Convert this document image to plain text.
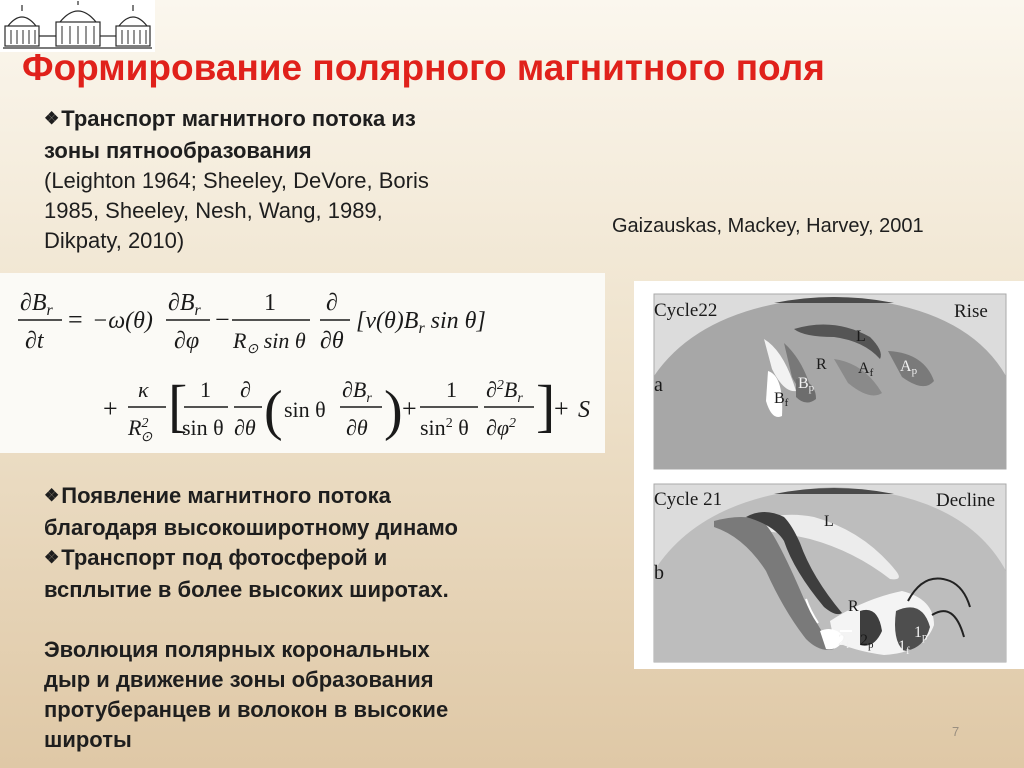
Формирование полярного магнитного поля
❖Транспорт магнитного потока из
зоны пятнообразования
(Leighton 1964; Sheeley, DeVore, Boris
1985, Sheeley, Nesh, Wang, 1989,
Dikpaty, 2010)
Gaizauskas, Mackey, Harvey, 2001
$\partial B_r$
∂t
= −ω(θ)
$\partial B_r$
∂φ
−
1
$R_⊙$ sin θ
∂
∂θ
[$v(\theta)B_r$ sin θ]
+
κ
$R^2$ ⊙ [ 1
sin θ
∂
∂θ ( sin θ
$\partial B_r$
∂θ ) +
1
$\sin^2 \theta$
$\partial^2B_r$
$\partial\varphi^2$ ]
+ S
Cycle22	Rise
a
L
R Af Ap
Bp
Bf
Cycle 21	Decline
b
L
R
2f 2p 1f
1p
❖Появление магнитного потока
благодаря высокоширотному динамо
❖Транспорт под фотосферой и
всплытие в более высоких широтах.
Эволюция полярных корональных
дыр и движение зоны образования
протуберанцев и волокон в высокие
широты	7
